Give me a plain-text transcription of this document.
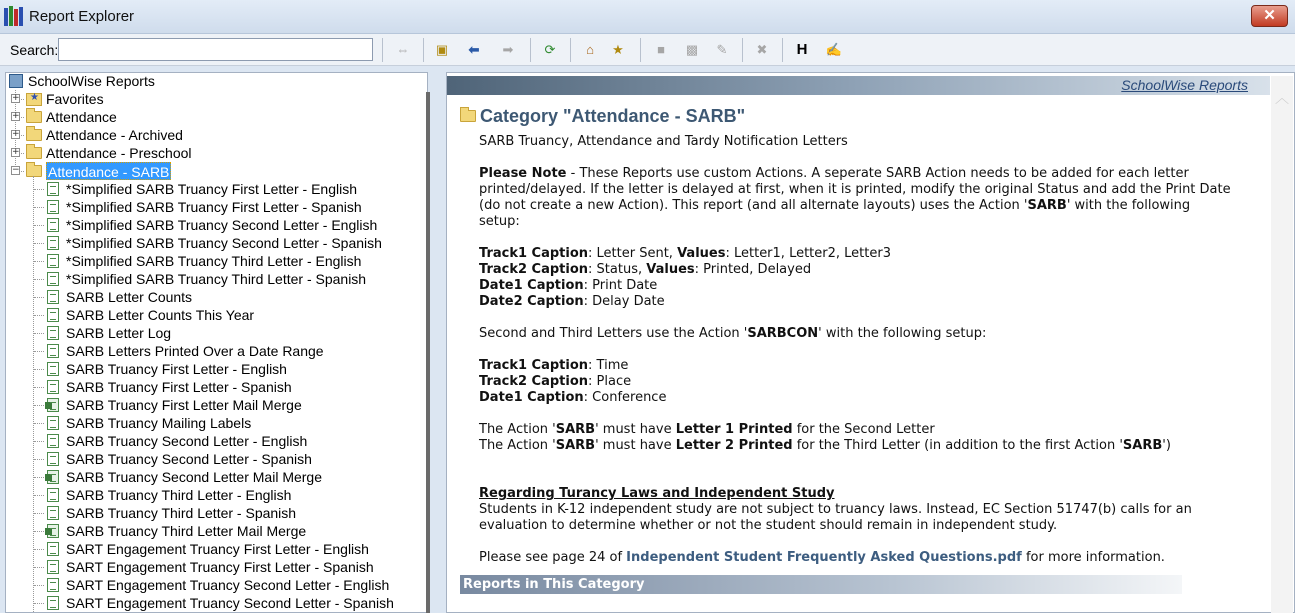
Report Explorer	✕
Search:	⇔ ▣	⬅	➡	⟳	⌂	★	■	▩	✎	✖	H	✍
SchoolWise Reports
+
★ Favorites
+ Attendance
+ Attendance - Archived
+ Attendance - Preschool
− Attendance - SARB
*Simplified SARB Truancy First Letter - English
*Simplified SARB Truancy First Letter - Spanish
*Simplified SARB Truancy Second Letter - English
*Simplified SARB Truancy Second Letter - Spanish
*Simplified SARB Truancy Third Letter - English
*Simplified SARB Truancy Third Letter - Spanish
SARB Letter Counts
SARB Letter Counts This Year
SARB Letter Log
SARB Letters Printed Over a Date Range
SARB Truancy First Letter - English
SARB Truancy First Letter - Spanish
SARB Truancy First Letter Mail Merge
SARB Truancy Mailing Labels
SARB Truancy Second Letter - English
SARB Truancy Second Letter - Spanish
SARB Truancy Second Letter Mail Merge
SARB Truancy Third Letter - English
SARB Truancy Third Letter - Spanish
SARB Truancy Third Letter Mail Merge
SART Engagement Truancy First Letter - English
SART Engagement Truancy First Letter - Spanish
SART Engagement Truancy Second Letter - English
SART Engagement Truancy Second Letter - Spanish
SchoolWise Reports
︿
Category "Attendance - SARB"
SARB Truancy, Attendance and Tardy Notification Letters
Please Note - These Reports use custom Actions. A seperate SARB Action needs to be added for each letter
printed/delayed. If the letter is delayed at first, when it is printed, modify the original Status and add the Print Date
(do not create a new Action). This report (and all alternate layouts) uses the Action 'SARB' with the following
setup:
Track1 Caption: Letter Sent, Values: Letter1, Letter2, Letter3
Track2 Caption: Status, Values: Printed, Delayed
Date1 Caption: Print Date
Date2 Caption: Delay Date
Second and Third Letters use the Action 'SARBCON' with the following setup:
Track1 Caption: Time
Track2 Caption: Place
Date1 Caption: Conference
The Action 'SARB' must have Letter 1 Printed for the Second Letter
The Action 'SARB' must have Letter 2 Printed for the Third Letter (in addition to the first Action 'SARB')
Regarding Turancy Laws and Independent Study
Students in K-12 independent study are not subject to truancy laws. Instead, EC Section 51747(b) calls for an
evaluation to determine whether or not the student should remain in independent study.
Please see page 24 of Independent Student Frequently Asked Questions.pdf for more information.
Reports in This Category
